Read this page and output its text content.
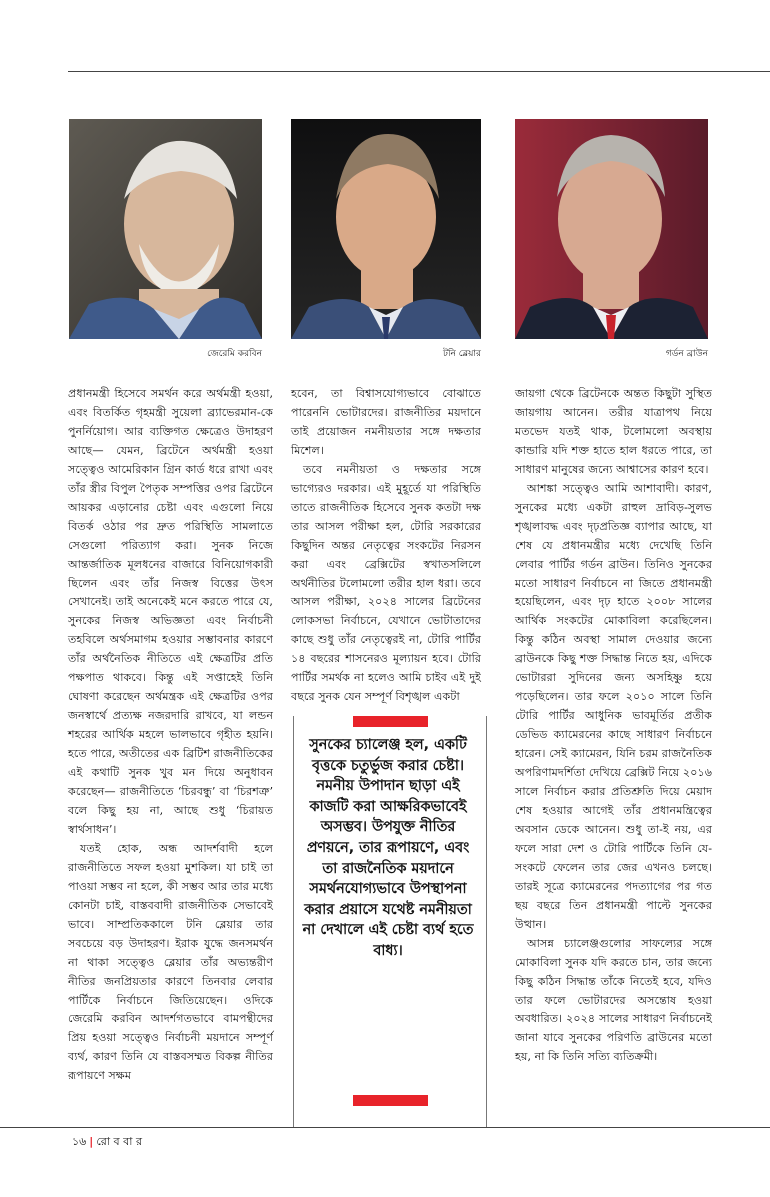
জেরেমি করবিন	টনি ব্লেয়ার	গর্ডন ব্রাউন

প্রধানমন্ত্রী হিসেবে সমর্থন করে অর্থমন্ত্রী হওয়া, এবং বিতর্কিত গৃহমন্ত্রী সুয়েলা ব্র্যাভেরমান-কে পুনর্নিয়োগ। আর ব্যক্তিগত ক্ষেত্রেও উদাহরণ আছে— যেমন, ব্রিটেনে অর্থমন্ত্রী হওয়া সত্ত্বেও আমেরিকান গ্রিন কার্ড ধরে রাখা এবং তাঁর স্ত্রীর বিপুল পৈতৃক সম্পত্তির ওপর ব্রিটেনে আয়কর এড়ানোর চেষ্টা এবং এগুলো নিয়ে বিতর্ক ওঠার পর দ্রুত পরিস্থিতি সামলাতে সেগুলো পরিত্যাগ করা। সুনক নিজে আন্তর্জাতিক মূলধনের বাজারে বিনিয়োগকারী ছিলেন এবং তাঁর নিজস্ব বিত্তের উৎস সেখানেই। তাই অনেকেই মনে করতে পারে যে, সুনকের নিজস্ব অভিজ্ঞতা এবং নির্বাচনী তহবিলে অর্থসমাগম হওয়ার সম্ভাবনার কারণে তাঁর অর্থনৈতিক নীতিতে এই ক্ষেত্রটির প্রতি পক্ষপাত থাকবে। কিন্তু এই সপ্তাহেই তিনি ঘোষণা করেছেন অর্থমন্ত্রক এই ক্ষেত্রটির ওপর জনস্বার্থে প্রত্যক্ষ নজরদারি রাখবে, যা লন্ডন শহরের আর্থিক মহলে ভালভাবে গৃহীত হয়নি। হতে পারে, অতীতের এক ব্রিটিশ রাজনীতিকের এই কথাটি সুনক খুব মন দিয়ে অনুধাবন করেছেন— রাজনীতিতে ‘চিরবন্ধু’ বা ‘চিরশত্রু’ বলে কিছু হয় না, আছে শুধু ‘চিরায়ত স্বার্থসাধন’।

যতই হোক, অন্ধ আদর্শবাদী হলে রাজনীতিতে সফল হওয়া মুশকিল। যা চাই তা পাওয়া সম্ভব না হলে, কী সম্ভব আর তার মধ্যে কোনটা চাই, বাস্তববাদী রাজনীতিক সেভাবেই ভাবে। সাম্প্রতিককালে টনি ব্লেয়ার তার সবচেয়ে বড় উদাহরণ। ইরাক যুদ্ধে জনসমর্থন না থাকা সত্ত্বেও ব্লেয়ার তাঁর অভ্যন্তরীণ নীতির জনপ্রিয়তার কারণে তিনবার লেবার পার্টিকে নির্বাচনে জিতিয়েছেন। ওদিকে জেরেমি করবিন আদর্শগতভাবে বামপন্থীদের প্রিয় হওয়া সত্ত্বেও নির্বাচনী ময়দানে সম্পূর্ণ ব্যর্থ, কারণ তিনি যে বাস্তবসম্মত বিকল্প নীতির রূপায়ণে সক্ষম

হবেন, তা বিশ্বাসযোগ্যভাবে বোঝাতে পারেননি ভোটারদের। রাজনীতির ময়দানে তাই প্রয়োজন নমনীয়তার সঙ্গে দক্ষতার মিশেল।

তবে নমনীয়তা ও দক্ষতার সঙ্গে ভাগ্যেরও দরকার। এই মুহূর্তে যা পরিস্থিতি তাতে রাজনীতিক হিসেবে সুনক কতটা দক্ষ তার আসল পরীক্ষা হল, টোরি সরকারের কিছুদিন অন্তর নেতৃত্বের সংকটের নিরসন করা এবং ব্রেক্সিটের স্বখাতসলিলে অর্থনীতির টলোমলো তরীর হাল ধরা। তবে আসল পরীক্ষা, ২০২৪ সালের ব্রিটেনের লোকসভা নির্বাচনে, যেখানে ভোটাতাদের কাছে শুধু তাঁর নেতৃত্বেরই না, টোরি পার্টির ১৪ বছরের শাসনেরও মূল্যায়ন হবে। টোরি পার্টির সমর্থক না হলেও আমি চাইব এই দুই বছরে সুনক যেন সম্পূর্ণ বিশৃঙ্খল একটা

সুনকের চ্যালেঞ্জ হল, একটি বৃত্তকে চতুর্ভুজ করার চেষ্টা। নমনীয় উপাদান ছাড়া এই কাজটি করা আক্ষরিকভাবেই অসম্ভব। উপযুক্ত নীতির প্রণয়নে, তার রূপায়ণে, এবং তা রাজনৈতিক ময়দানে সমর্থনযোগ্যভাবে উপস্থাপনা করার প্রয়াসে যথেষ্ট নমনীয়তা না দেখালে এই চেষ্টা ব্যর্থ হতে বাধ্য।

জায়গা থেকে ব্রিটেনকে অন্তত কিছুটা সুস্থিত জায়গায় আনেন। তরীর যাত্রাপথ নিয়ে মতভেদ যতই থাক, টলোমলো অবস্থায় কান্ডারি যদি শক্ত হাতে হাল ধরতে পারে, তা সাধারণ মানুষের জন্যে আশ্বাসের কারণ হবে।

আশঙ্কা সত্ত্বেও আমি আশাবাদী। কারণ, সুনকের মধ্যে একটা রাহুল দ্রাবিড়-সুলভ শৃঙ্খলাবদ্ধ এবং দৃঢ়প্রতিজ্ঞ ব্যাপার আছে, যা শেষ যে প্রধানমন্ত্রীর মধ্যে দেখেছি তিনি লেবার পার্টির গর্ডন ব্রাউন। তিনিও সুনকের মতো সাধারণ নির্বাচনে না জিতে প্রধানমন্ত্রী হয়েছিলেন, এবং দৃঢ় হাতে ২০০৮ সালের আর্থিক সংকটের মোকাবিলা করেছিলেন। কিন্তু কঠিন অবস্থা সামাল দেওয়ার জন্যে ব্রাউনকে কিছু শক্ত সিদ্ধান্ত নিতে হয়, এদিকে ভোটাররা সুদিনের জন্য অসহিষ্ণু হয়ে পড়েছিলেন। তার ফলে ২০১০ সালে তিনি টোরি পার্টির আধুনিক ভাবমূর্তির প্রতীক ডেভিড ক্যামেরনের কাছে সাধারণ নির্বাচনে হারেন। সেই ক্যামেরন, যিনি চরম রাজনৈতিক অপরিণামদর্শিতা দেখিয়ে ব্রেক্সিট নিয়ে ২০১৬ সালে নির্বাচন করার প্রতিশ্রুতি দিয়ে মেয়াদ শেষ হওয়ার আগেই তাঁর প্রধানমন্ত্রিত্বের অবসান ডেকে আনেন। শুধু তা-ই নয়, এর ফলে সারা দেশ ও টোরি পার্টিকে তিনি যে-সংকটে ফেলেন তার জের এখনও চলছে। তারই সূত্রে ক্যামেরনের পদত্যাগের পর গত ছয় বছরে তিন প্রধানমন্ত্রী পাল্টে সুনকের উত্থান।

আসন্ন চ্যালেঞ্জগুলোর সাফল্যের সঙ্গে মোকাবিলা সুনক যদি করতে চান, তার জন্যে কিছু কঠিন সিদ্ধান্ত তাঁকে নিতেই হবে, যদিও তার ফলে ভোটারদের অসন্তোষ হওয়া অবধারিত। ২০২৪ সালের সাধারণ নির্বাচনেই জানা যাবে সুনকের পরিণতি ব্রাউনের মতো হয়, না কি তিনি সত্যি ব্যতিক্রমী।

১৬ | রো ব বা র
